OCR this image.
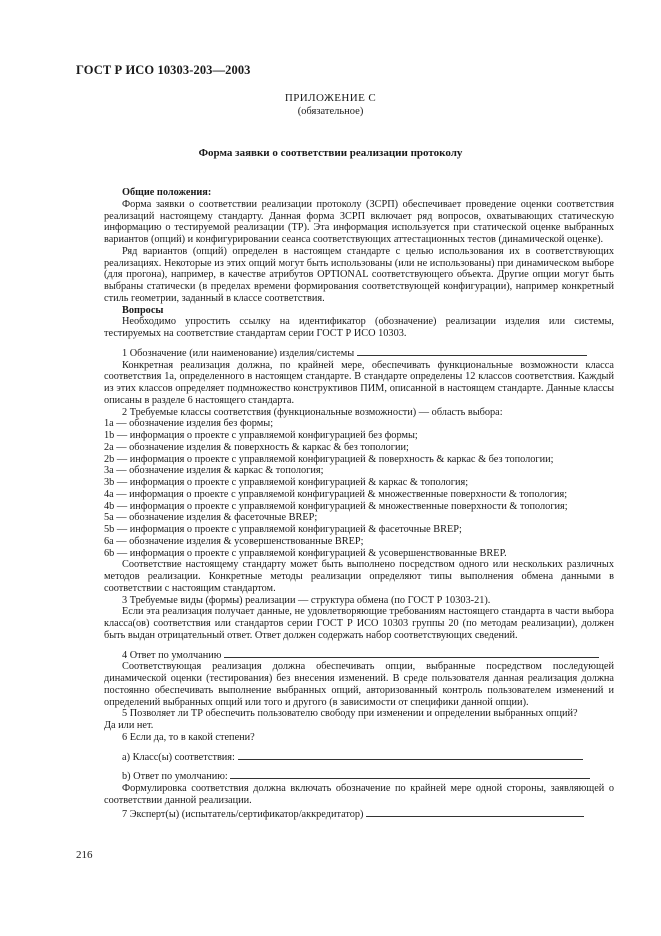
ГОСТ Р ИСО 10303-203—2003
ПРИЛОЖЕНИЕ С
(обязательное)
Форма заявки о соответствии реализации протоколу

Общие положения:

Форма заявки о соответствии реализации протоколу (ЗСРП) обеспечивает проведение оценки соответствия реализаций настоящему стандарту. Данная форма ЗСРП включает ряд вопросов, охватывающих статическую информацию о тестируемой реализации (ТР). Эта информация используется при статической оценке выбранных вариантов (опций) и конфигурировании сеанса соответствующих аттестационных тестов (динамической оценке).

Ряд вариантов (опций) определен в настоящем стандарте с целью использования их в соответствующих реализациях. Некоторые из этих опций могут быть использованы (или не использованы) при динамическом выборе (для прогона), например, в качестве атрибутов OPTIONAL соответствующего объекта. Другие опции могут быть выбраны статически (в пределах времени формирования соответствующей конфигурации), например конкретный стиль геометрии, заданный в классе соответствия.

Вопросы

Необходимо упростить ссылку на идентификатор (обозначение) реализации изделия или системы, тестируемых на соответствие стандартам серии ГОСТ Р ИСО 10303.

1 Обозначение (или наименование) изделия/системы

Конкретная реализация должна, по крайней мере, обеспечивать функциональные возможности класса соответствия 1a, определенного в настоящем стандарте. В стандарте определены 12 классов соответствия. Каждый из этих классов определяет подмножество конструктивов ПИМ, описанной в настоящем стандарте. Данные классы описаны в разделе 6 настоящего стандарта.

2 Требуемые классы соответствия (функциональные возможности) — область выбора:

1a — обозначение изделия без формы;

1b — информация о проекте с управляемой конфигурацией без формы;

2a — обозначение изделия & поверхность & каркас & без топологии;

2b — информация о проекте с управляемой конфигурацией & поверхность & каркас & без топологии;

3a — обозначение изделия & каркас & топология;

3b — информация о проекте с управляемой конфигурацией & каркас & топология;

4a — информация о проекте с управляемой конфигурацией & множественные поверхности & топология;

4b — информация о проекте с управляемой конфигурацией & множественные поверхности & топология;

5a — обозначение изделия & фасеточные BREP;

5b — информация о проекте с управляемой конфигурацией & фасеточные BREP;

6a — обозначение изделия & усовершенствованные BREP;

6b — информация о проекте с управляемой конфигурацией & усовершенствованные BREP.

Соответствие настоящему стандарту может быть выполнено посредством одного или нескольких различных методов реализации. Конкретные методы реализации определяют типы выполнения обмена данными в соответствии с настоящим стандартом.

3 Требуемые виды (формы) реализации — структура обмена (по ГОСТ Р 10303-21).

Если эта реализация получает данные, не удовлетворяющие требованиям настоящего стандарта в части выбора класса(ов) соответствия или стандартов серии ГОСТ Р ИСО 10303 группы 20 (по методам реализации), должен быть выдан отрицательный ответ. Ответ должен содержать набор соответствующих сведений.

4 Ответ по умолчанию

Соответствующая реализация должна обеспечивать опции, выбранные посредством последующей динамической оценки (тестирования) без внесения изменений. В среде пользователя данная реализация должна постоянно обеспечивать выполнение выбранных опций, авторизованный контроль пользователем изменений и определений выбранных опций или того и другого (в зависимости от специфики данной опции).

5 Позволяет ли ТР обеспечить пользователю свободу при изменении и определении выбранных опций?

Да или нет.

6 Если да, то в какой степени?

а) Класс(ы) соответствия:

b) Ответ по умолчанию:

Формулировка соответствия должна включать обозначение по крайней мере одной стороны, заявляющей о соответствии данной реализации.

7 Эксперт(ы) (испытатель/сертификатор/аккредитатор)

216
